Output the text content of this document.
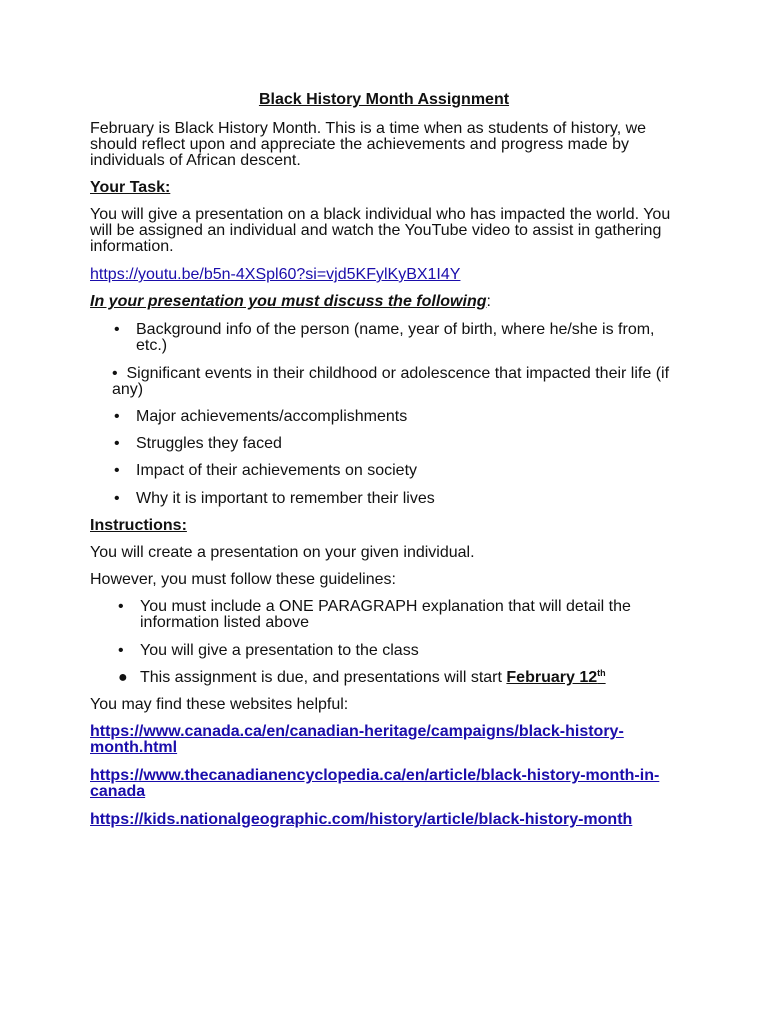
Black History Month Assignment

February is Black History Month. This is a time when as students of history, we should reflect upon and appreciate the achievements and progress made by individuals of African descent.

Your Task:

You will give a presentation on a black individual who has impacted the world. You will be assigned an individual and watch the YouTube video to assist in gathering information.

https://youtu.be/b5n-4XSpl60?si=vjd5KFylKyBX1I4Y
In your presentation you must discuss the following:
• Background info of the person (name, year of birth, where he/she is from, etc.)
• Significant events in their childhood or adolescence that impacted their life (if any)
• Major achievements/accomplishments
• Struggles they faced
• Impact of their achievements on society
• Why it is important to remember their lives
Instructions:
You will create a presentation on your given individual.
However, you must follow these guidelines:
• You must include a ONE PARAGRAPH explanation that will detail the information listed above
• You will give a presentation to the class
● This assignment is due, and presentations will start February 12th
You may find these websites helpful:
https://www.canada.ca/en/canadian-heritage/campaigns/black-history-month.html
https://www.thecanadianencyclopedia.ca/en/article/black-history-month-in-canada
https://kids.nationalgeographic.com/history/article/black-history-month
